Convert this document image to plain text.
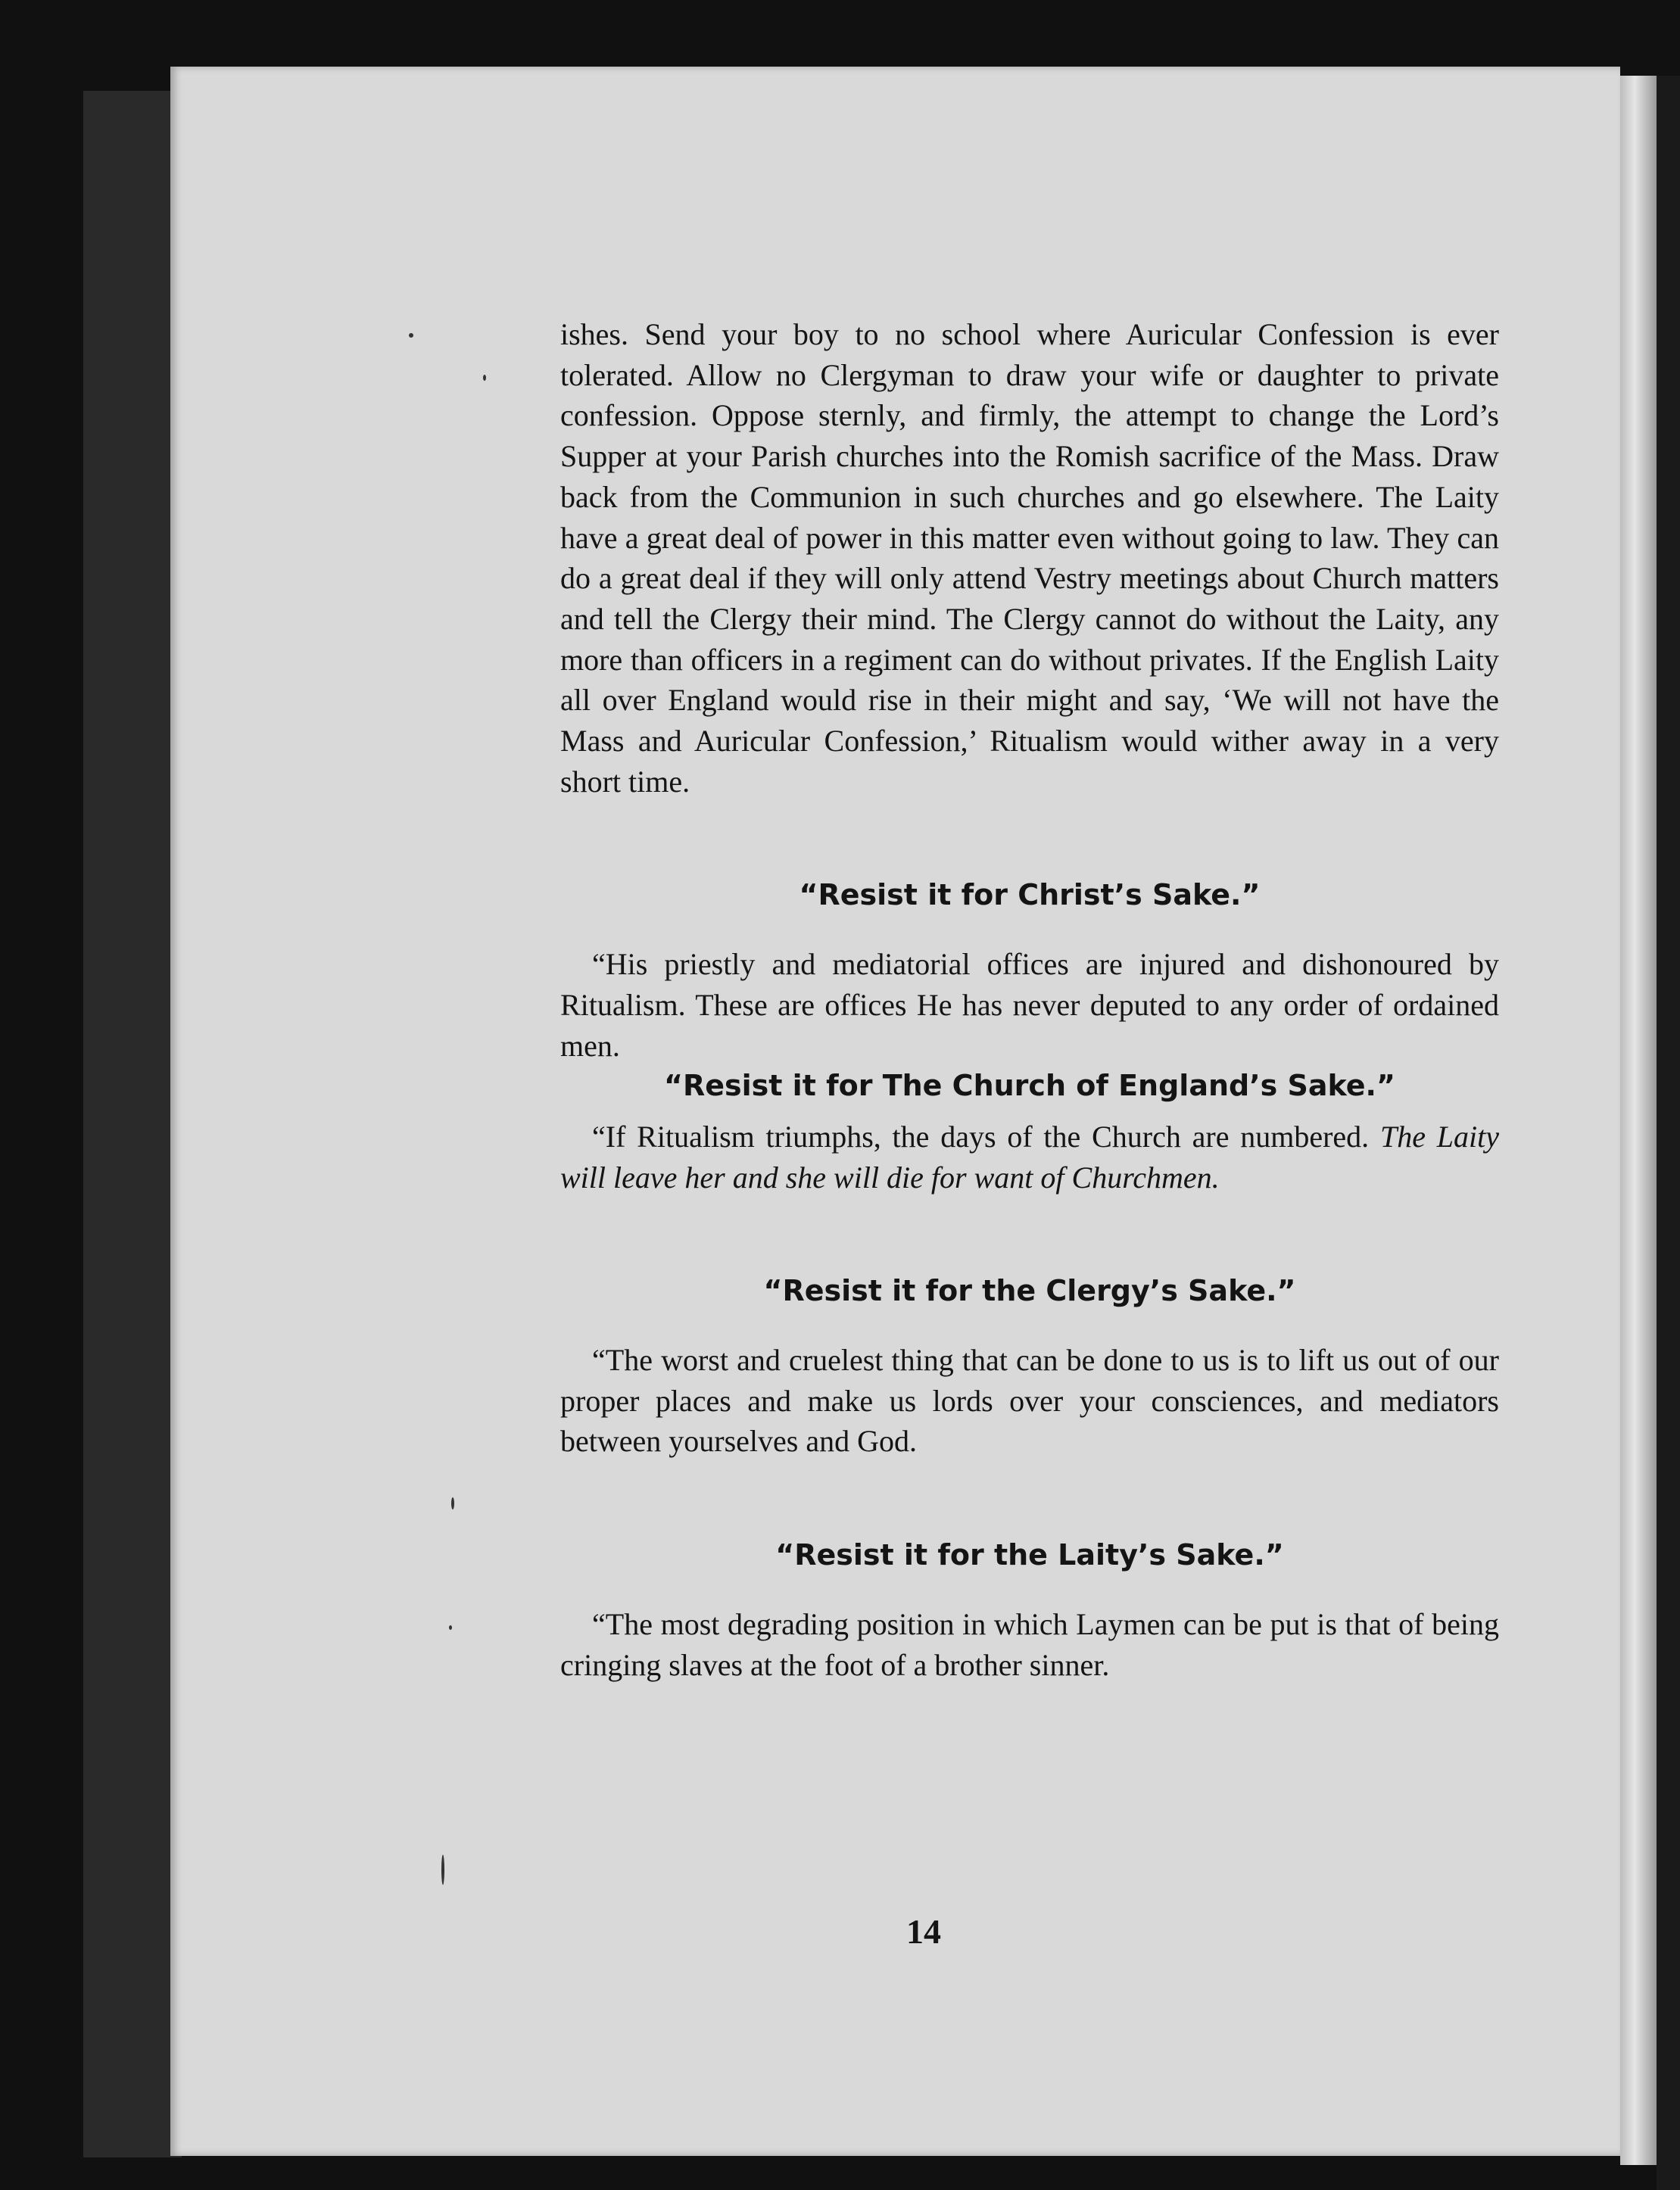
ishes. Send your boy to no school where Auricular Confession is ever tolerated. Allow no Clergyman to draw your wife or daughter to private confession. Oppose sternly, and firmly, the attempt to change the Lord’s Supper at your Parish churches into the Romish sacrifice of the Mass. Draw back from the Communion in such churches and go elsewhere. The Laity have a great deal of power in this matter even without going to law. They can do a great deal if they will only attend Vestry meetings about Church matters and tell the Clergy their mind. The Clergy cannot do without the Laity, any more than officers in a regiment can do without privates. If the English Laity all over England would rise in their might and say, ‘We will not have the Mass and Auricular Confession,’ Ritualism would wither away in a very short time.

“Resist it for Christ’s Sake.”

“His priestly and mediatorial offices are injured and dishonoured by Ritualism. These are offices He has never deputed to any order of ordained men.

“Resist it for The Church of England’s Sake.”

“If Ritualism triumphs, the days of the Church are numbered. The Laity will leave her and she will die for want of Churchmen.

“Resist it for the Clergy’s Sake.”

“The worst and cruelest thing that can be done to us is to lift us out of our proper places and make us lords over your consciences, and mediators between yourselves and God.

“Resist it for the Laity’s Sake.”

“The most degrading position in which Laymen can be put is that of being cringing slaves at the foot of a brother sinner.

14
